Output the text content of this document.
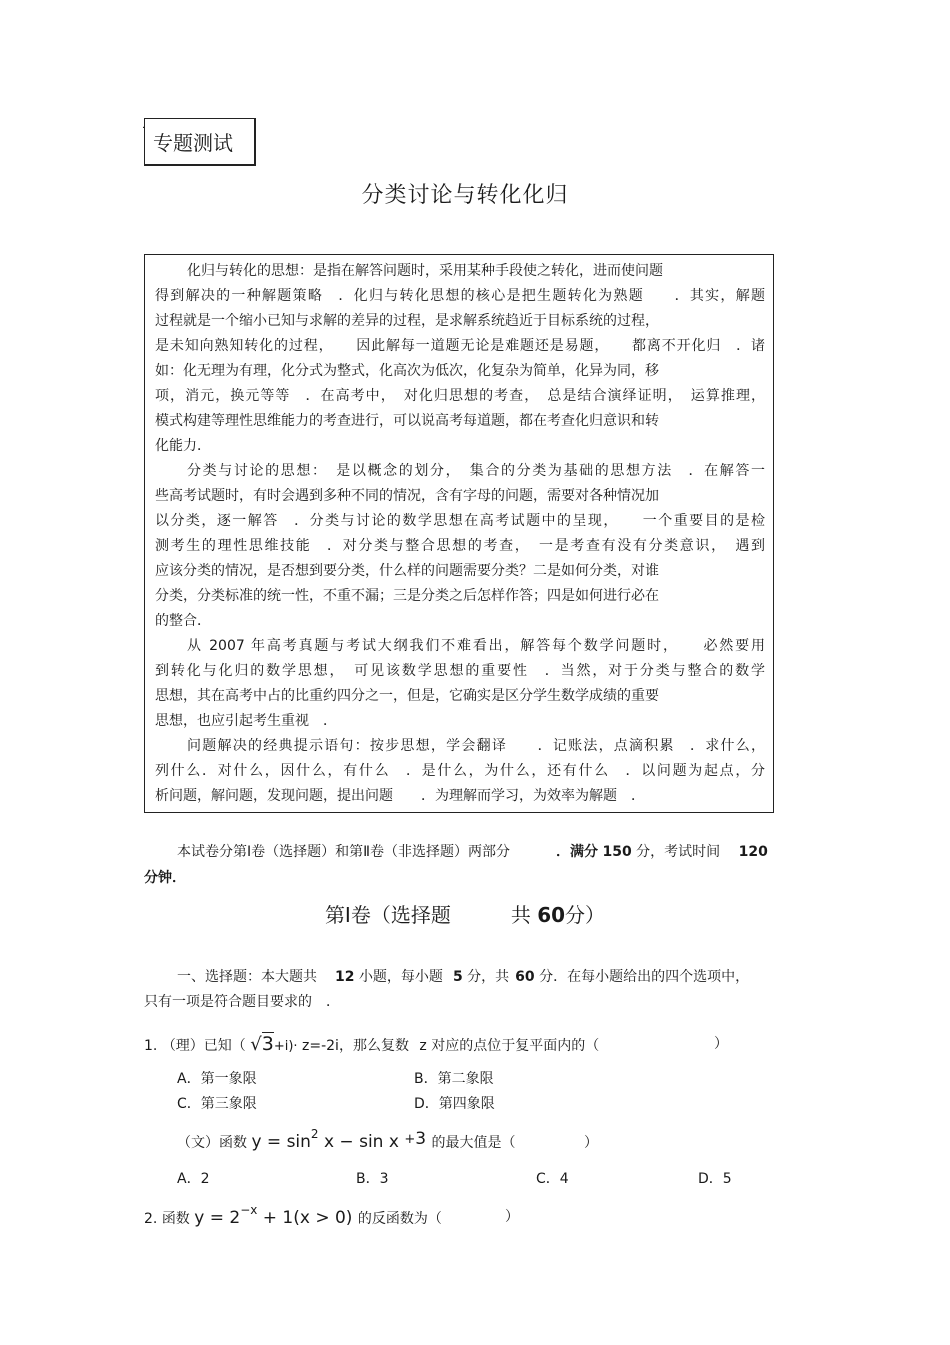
·
专题测试
分类讨论与转化化归
化归与转化的思想：是指在解答问题时，采用某种手段使之转化，进而使问题
得到解决的一种解题策略　．化归与转化思想的核心是把生题转化为熟题　　．其实，解题
过程就是一个缩小已知与求解的差异的过程，是求解系统趋近于目标系统的过程，
是未知向熟知转化的过程，　　因此解每一道题无论是难题还是易题，　　都离不开化归　．诸
如：化无理为有理，化分式为整式，化高次为低次，化复杂为简单，化异为同，移
项，消元，换元等等　．在高考中，　对化归思想的考查，　总是结合演绎证明，　运算推理，
模式构建等理性思维能力的考查进行，可以说高考每道题，都在考查化归意识和转
化能力．
分类与讨论的思想：　是以概念的划分，　集合的分类为基础的思想方法　．在解答一
些高考试题时，有时会遇到多种不同的情况，含有字母的问题，需要对各种情况加
以分类，逐一解答　．分类与讨论的数学思想在高考试题中的呈现，　　一个重要目的是检
测考生的理性思维技能　．对分类与整合思想的考查，　一是考查有没有分类意识，　遇到
应该分类的情况，是否想到要分类，什么样的问题需要分类？二是如何分类，对谁
分类，分类标准的统一性，不重不漏；三是分类之后怎样作答；四是如何进行必在
的整合．
从 2007 年高考真题与考试大纲我们不难看出，解答每个数学问题时，　　必然要用
到转化与化归的数学思想，　可见该数学思想的重要性　．当然，对于分类与整合的数学
思想，其在高考中占的比重约四分之一，但是，它确实是区分学生数学成绩的重要
思想，也应引起考生重视　．
问题解决的经典提示语句：按步思想，学会翻译　　．记账法，点滴积累　．求什么，
列什么．对什么，因什么，有什么　．是什么，为什么，还有什么　．以问题为起点，分
析问题，解问题，发现问题，提出问题　　．为理解而学习，为效率为解题　．
本试卷分第Ⅰ卷（选择题）和第Ⅱ卷（非选择题）两部分	．满分 150 分，考试时间 120
分钟．
第Ⅰ卷（选择题	共 60分）
一、选择题：本大题共 12 小题，每小题 5 分，共 60 分．在每小题给出的四个选项中，
只有一项是符合题目要求的　．
1. （理）已知（ √3+i)· z=-2i，那么复数 z 对应的点位于复平面内的（	）
A．第一象限	B．第二象限
C．第三象限	D．第四象限
（文）函数 $y = \sin^2 x - \sin x$ +3 的最大值是（	）
A．2	B．3	C．4	D．5
2. 函数 $y = 2^{-x} + 1(x > 0)$ 的反函数为（	）
